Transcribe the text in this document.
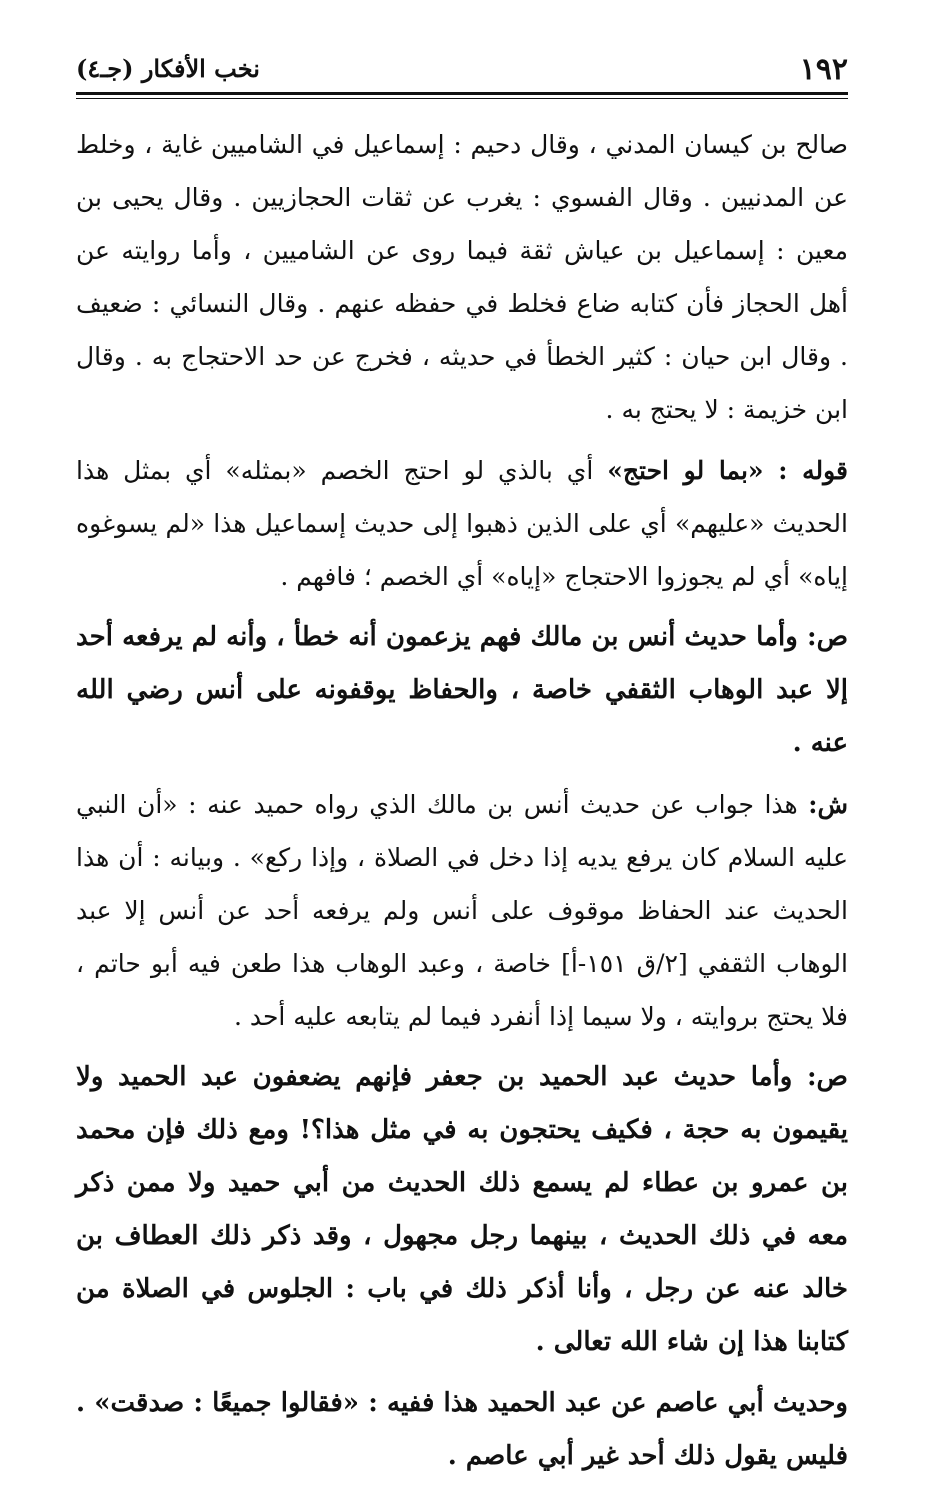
١٩٢
نخب الأفكار (جـ٤)

صالح بن كيسان المدني ، وقال دحيم : إسماعيل في الشاميين غاية ، وخلط عن المدنيين . وقال الفسوي : يغرب عن ثقات الحجازيين . وقال يحيى بن معين : إسماعيل بن عياش ثقة فيما روى عن الشاميين ، وأما روايته عن أهل الحجاز فأن كتابه ضاع فخلط في حفظه عنهم . وقال النسائي : ضعيف . وقال ابن حيان : كثير الخطأ في حديثه ، فخرج عن حد الاحتجاج به . وقال ابن خزيمة : لا يحتج به .

قوله : «بما لو احتج» أي بالذي لو احتج الخصم «بمثله» أي بمثل هذا الحديث «عليهم» أي على الذين ذهبوا إلى حديث إسماعيل هذا «لم يسوغوه إياه» أي لم يجوزوا الاحتجاج «إياه» أي الخصم ؛ فافهم .

ص: وأما حديث أنس بن مالك فهم يزعمون أنه خطأ ، وأنه لم يرفعه أحد إلا عبد الوهاب الثقفي خاصة ، والحفاظ يوقفونه على أنس رضي الله عنه .

ش: هذا جواب عن حديث أنس بن مالك الذي رواه حميد عنه : «أن النبي عليه السلام كان يرفع يديه إذا دخل في الصلاة ، وإذا ركع» . وبيانه : أن هذا الحديث عند الحفاظ موقوف على أنس ولم يرفعه أحد عن أنس إلا عبد الوهاب الثقفي [٢/ق ١٥١-أ] خاصة ، وعبد الوهاب هذا طعن فيه أبو حاتم ، فلا يحتج بروايته ، ولا سيما إذا أنفرد فيما لم يتابعه عليه أحد .

ص: وأما حديث عبد الحميد بن جعفر فإنهم يضعفون عبد الحميد ولا يقيمون به حجة ، فكيف يحتجون به في مثل هذا؟! ومع ذلك فإن محمد بن عمرو بن عطاء لم يسمع ذلك الحديث من أبي حميد ولا ممن ذكر معه في ذلك الحديث ، بينهما رجل مجهول ، وقد ذكر ذلك العطاف بن خالد عنه عن رجل ، وأنا أذكر ذلك في باب : الجلوس في الصلاة من كتابنا هذا إن شاء الله تعالى .

وحديث أبي عاصم عن عبد الحميد هذا ففيه : «فقالوا جميعًا : صدقت» . فليس يقول ذلك أحد غير أبي عاصم .
